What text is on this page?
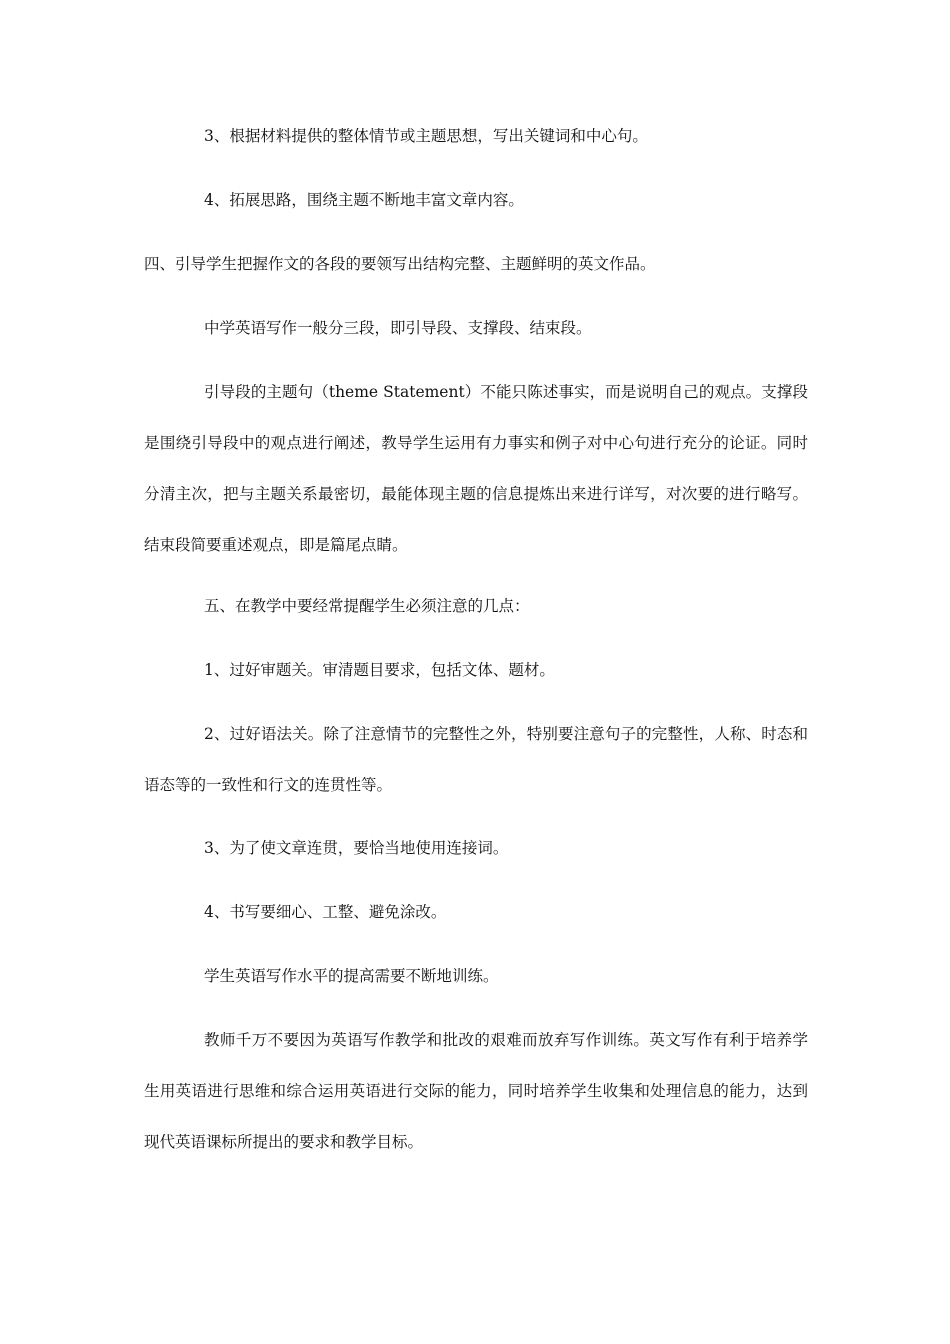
3、根据材料提供的整体情节或主题思想，写出关键词和中心句。

4、拓展思路，围绕主题不断地丰富文章内容。

四、引导学生把握作文的各段的要领写出结构完整、主题鲜明的英文作品。

中学英语写作一般分三段，即引导段、支撑段、结束段。

引导段的主题句（theme Statement）不能只陈述事实，而是说明自己的观点。支撑段是围绕引导段中的观点进行阐述，教导学生运用有力事实和例子对中心句进行充分的论证。同时分清主次，把与主题关系最密切，最能体现主题的信息提炼出来进行详写，对次要的进行略写。结束段简要重述观点，即是篇尾点睛。

五、在教学中要经常提醒学生必须注意的几点：

1、过好审题关。审清题目要求，包括文体、题材。

2、过好语法关。除了注意情节的完整性之外，特别要注意句子的完整性，人称、时态和语态等的一致性和行文的连贯性等。

3、为了使文章连贯，要恰当地使用连接词。

4、书写要细心、工整、避免涂改。

学生英语写作水平的提高需要不断地训练。

教师千万不要因为英语写作教学和批改的艰难而放弃写作训练。英文写作有利于培养学生用英语进行思维和综合运用英语进行交际的能力，同时培养学生收集和处理信息的能力，达到现代英语课标所提出的要求和教学目标。
